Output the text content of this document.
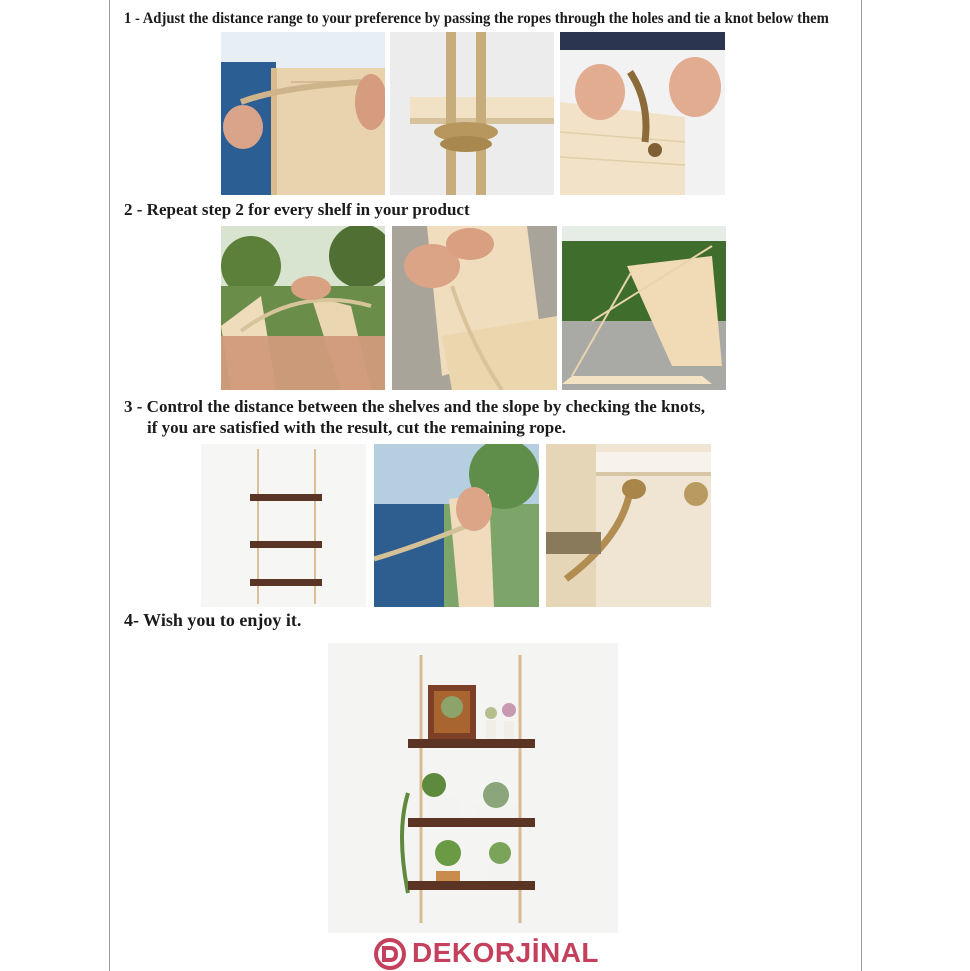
1 - Adjust the distance range to your preference by passing the ropes through the holes and tie a knot below them
2 - Repeat step 2 for every shelf in your product
3 - Control the distance between the shelves and the slope by checking the knots,
if you are satisfied with the result, cut the remaining rope.
4- Wish you to enjoy it.
DEKORJİNAL
